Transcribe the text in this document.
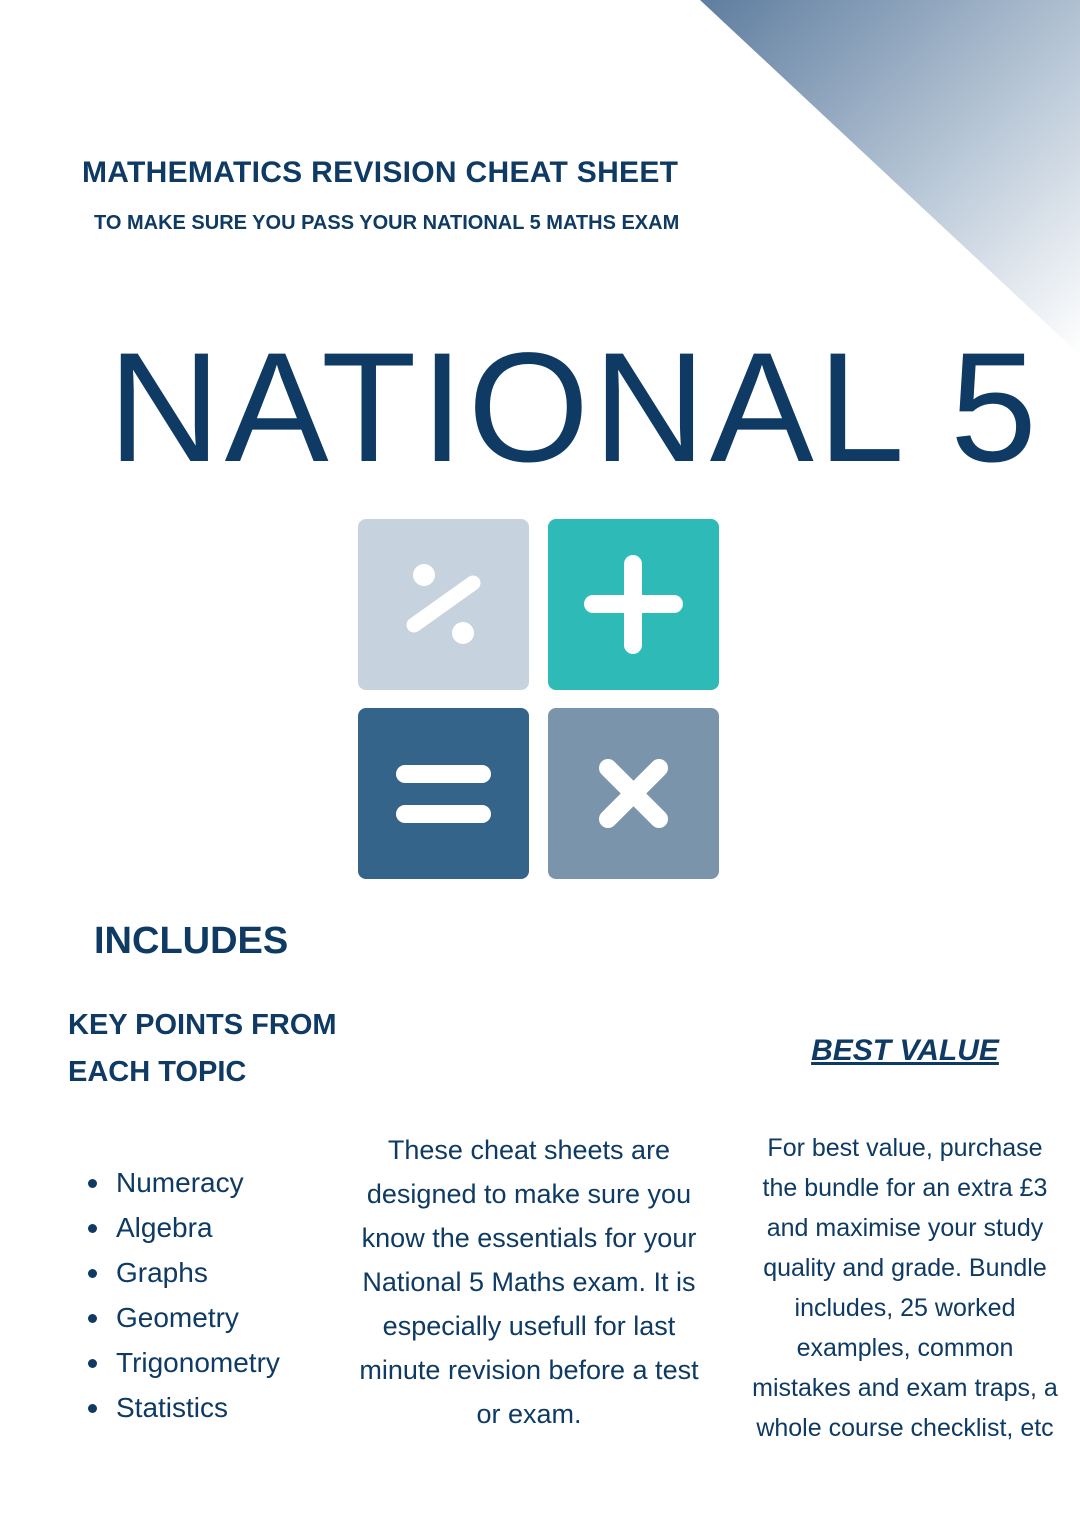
MATHEMATICS REVISION CHEAT SHEET
TO MAKE SURE YOU PASS YOUR NATIONAL 5 MATHS EXAM
NATIONAL 5
INCLUDES
KEY POINTS FROM EACH TOPIC
Numeracy
Algebra
Graphs
Geometry
Trigonometry
Statistics
These cheat sheets are designed to make sure you know the essentials for your National 5 Maths exam. It is especially usefull for last minute revision before a test or exam.
BEST VALUE
For best value, purchase the bundle for an extra £3 and maximise your study quality and grade. Bundle includes, 25 worked examples, common mistakes and exam traps, a whole course checklist, etc
